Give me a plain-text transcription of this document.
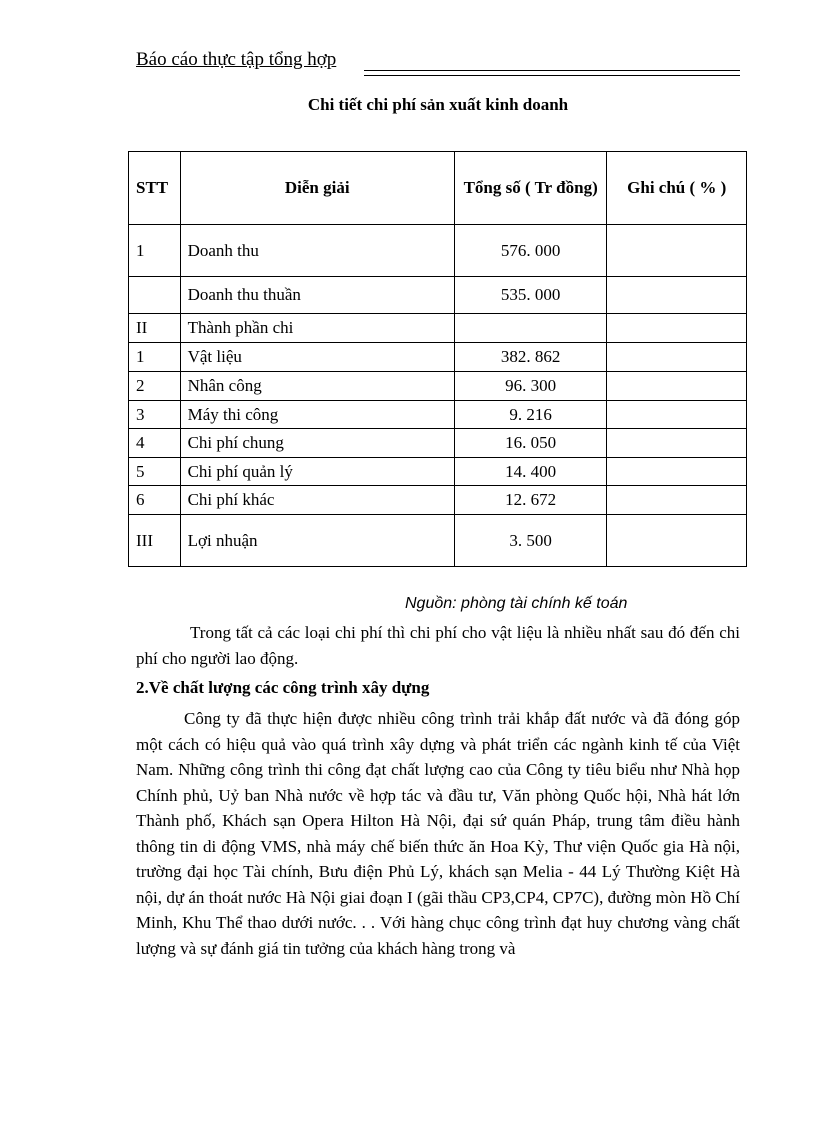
Báo cáo thực tập tổng hợp
Chi tiết chi phí sản xuất kinh doanh
STT	Diễn giải	Tổng số ( Tr đồng)	Ghi chú ( % )
1	Doanh thu	576. 000	
	Doanh thu thuần	535. 000	
II	Thành phần chi		
1	Vật liệu	382. 862	
2	Nhân công	96. 300	
3	Máy thi công	9. 216	
4	Chi phí chung	16. 050	
5	Chi phí quản lý	14. 400	
6	Chi phí khác	12. 672	
III	Lợi nhuận	3. 500	
Nguồn: phòng tài chính kế toán
Trong tất cả các loại chi phí thì chi phí cho vật liệu là nhiều nhất sau đó đến chi phí cho người lao động.
2.Về chất lượng các công trình xây dựng
Công ty đã thực hiện được nhiều công trình trải khắp đất nước và đã đóng góp một cách có hiệu quả vào quá trình xây dựng và phát triển các ngành kinh tế của Việt Nam. Những công trình thi công đạt chất lượng cao của Công ty tiêu biểu như Nhà họp Chính phủ, Uỷ ban Nhà nước về hợp tác và đầu tư, Văn phòng Quốc hội, Nhà hát lớn Thành phố, Khách sạn Opera Hilton Hà Nội, đại sứ quán Pháp, trung tâm điều hành thông tin di động VMS, nhà máy chế biến thức ăn Hoa Kỳ, Thư viện Quốc gia Hà nội, trường đại học Tài chính, Bưu điện Phủ Lý, khách sạn Melia - 44 Lý Thường Kiệt Hà nội, dự án thoát nước Hà Nội giai đoạn I (gãi thầu CP3,CP4, CP7C), đường mòn Hồ Chí Minh, Khu Thể thao dưới nước. . . Với hàng chục công trình đạt huy chương vàng chất lượng và sự đánh giá tin tưởng của khách hàng trong và
